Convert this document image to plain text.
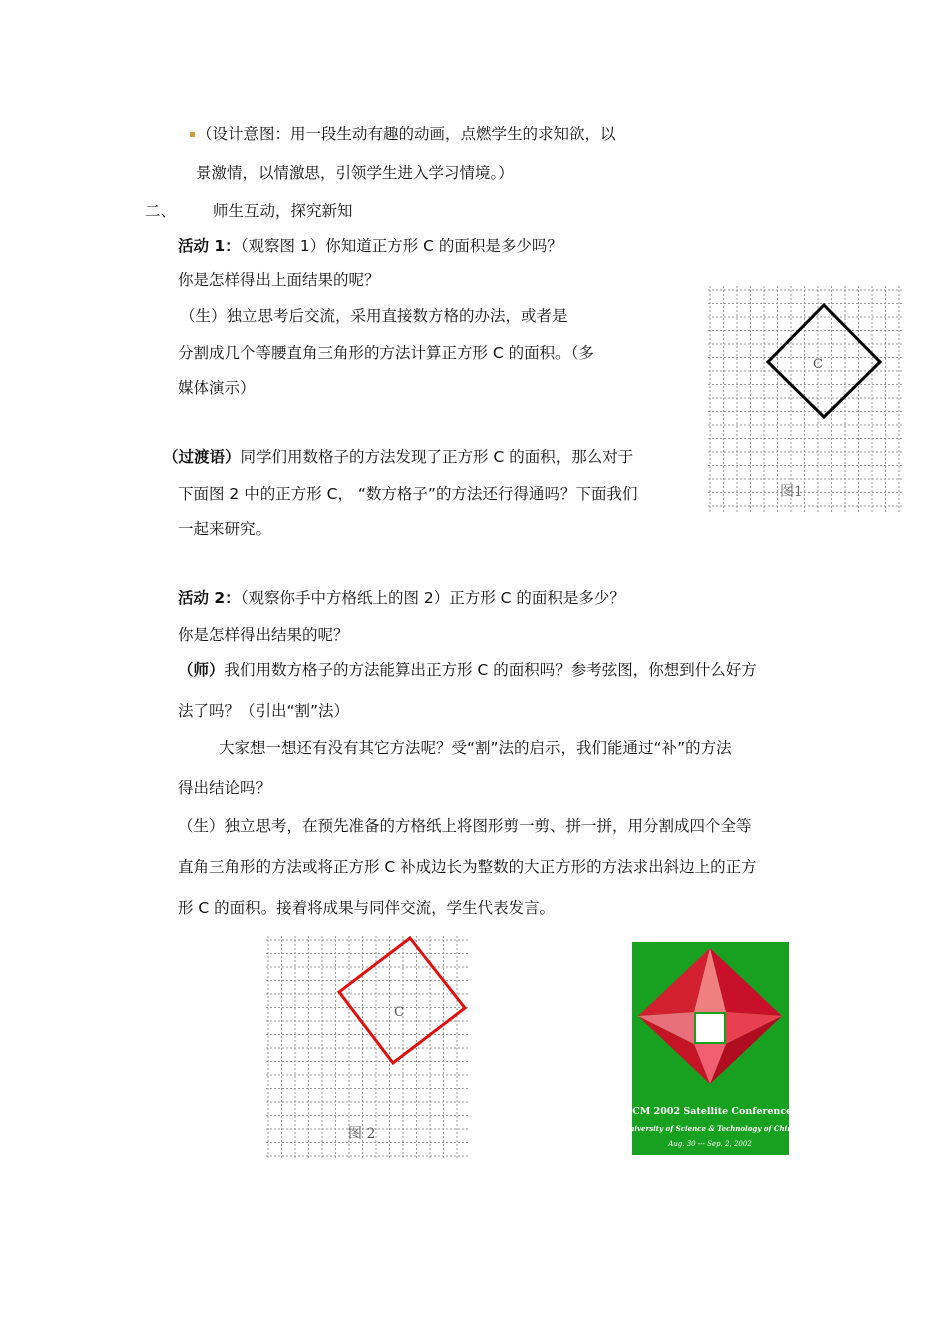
（设计意图：用一段生动有趣的动画，点燃学生的求知欲，以
景激情，以情激思，引领学生进入学习情境。）
二、 师生互动，探究新知
活动 1：（观察图 1）你知道正方形 C 的面积是多少吗？
你是怎样得出上面结果的呢？
（生）独立思考后交流，采用直接数方格的办法，或者是
分割成几个等腰直角三角形的方法计算正方形 C 的面积。（多
媒体演示）
（过渡语）同学们用数格子的方法发现了正方形 C 的面积，那么对于
下面图 2 中的正方形 C， “数方格子”的方法还行得通吗？下面我们
一起来研究。
活动 2：（观察你手中方格纸上的图 2）正方形 C 的面积是多少？
你是怎样得出结果的呢？
（师）我们用数方格子的方法能算出正方形 C 的面积吗？参考弦图，你想到什么好方
法了吗？（引出“割”法）
大家想一想还有没有其它方法呢？受“割”法的启示，我们能通过“补”的方法
得出结论吗？
（生）独立思考，在预先准备的方格纸上将图形剪一剪、拼一拼，用分割成四个全等
直角三角形的方法或将正方形 C 补成边长为整数的大正方形的方法求出斜边上的正方
形 C 的面积。接着将成果与同伴交流，学生代表发言。
C
图1
C
图 2
ICM 2002 Satellite Conference
University of Science & Technology of China
Aug. 30 --- Sep. 2, 2002
